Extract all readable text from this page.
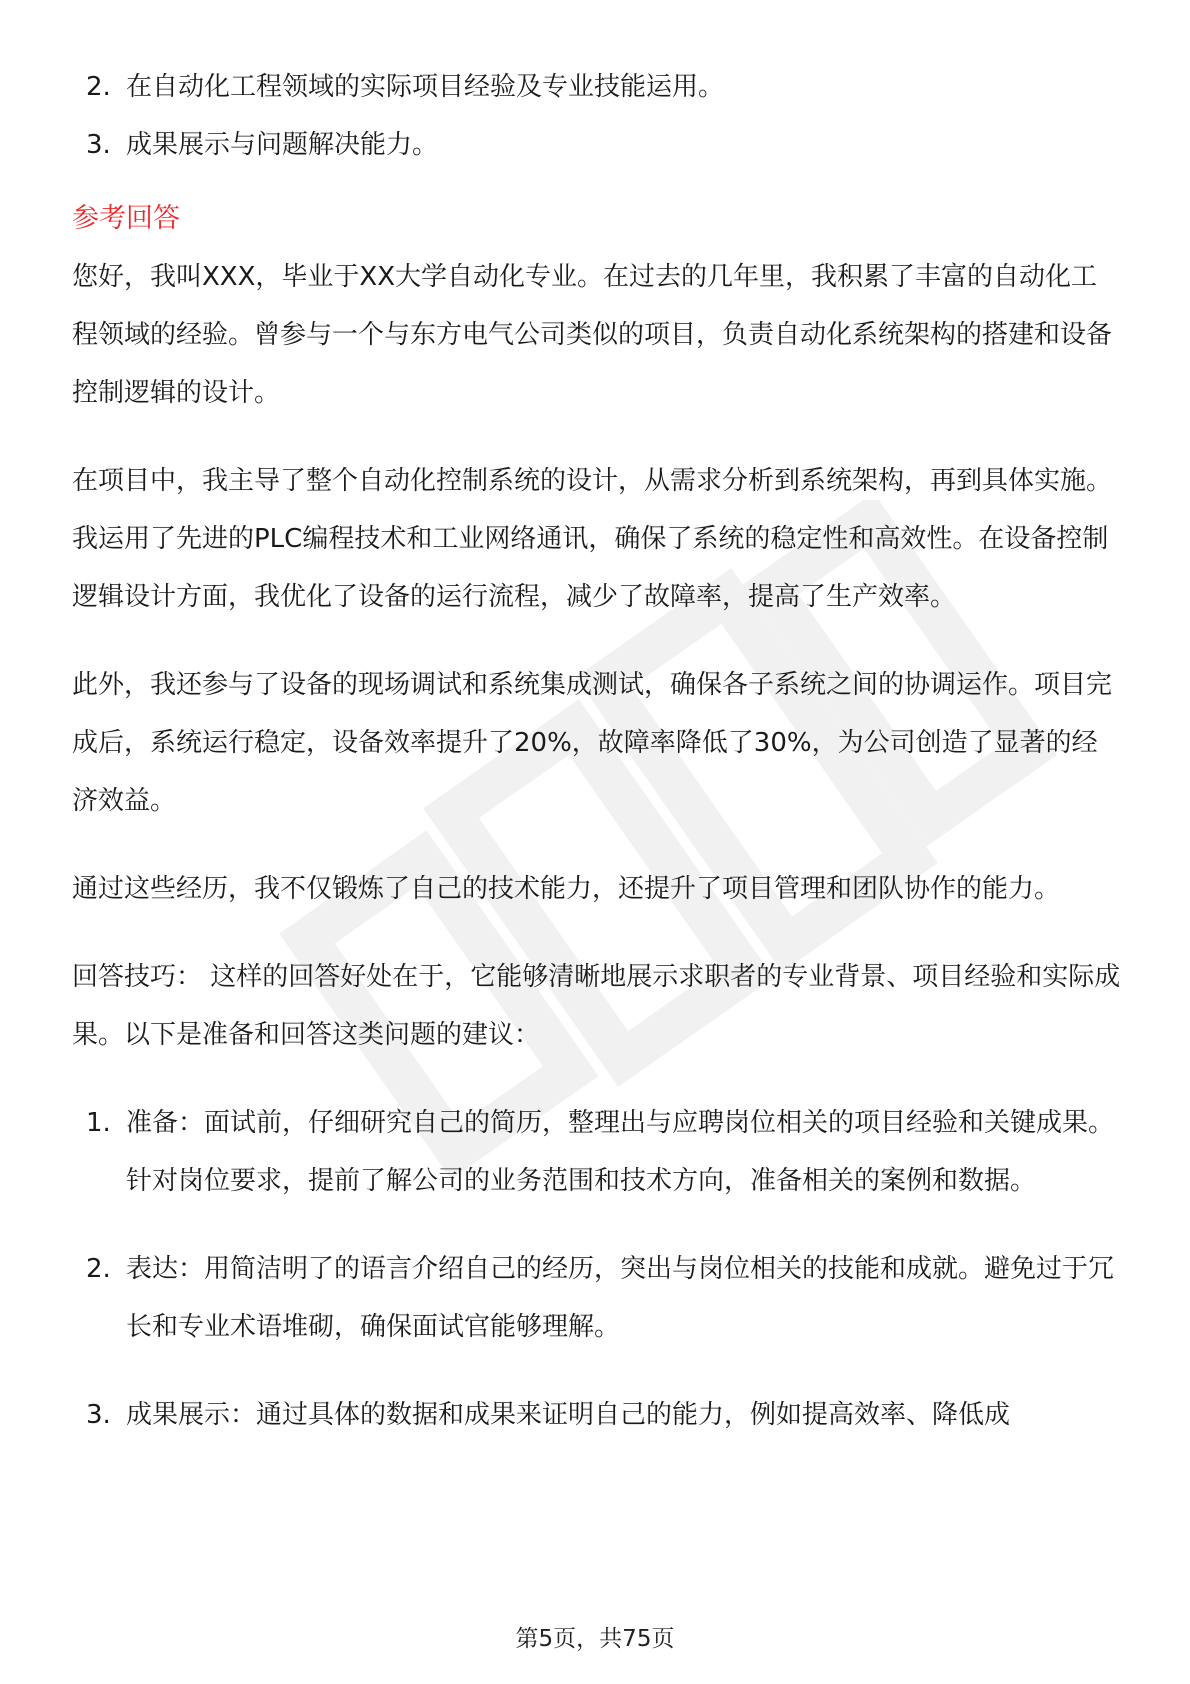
2. 在自动化工程领域的实际项目经验及专业技能运用。
3. 成果展示与问题解决能力。
参考回答

您好，我叫XXX，毕业于XX大学自动化专业。在过去的几年里，我积累了丰富的自动化工程领域的经验。曾参与一个与东方电气公司类似的项目，负责自动化系统架构的搭建和设备控制逻辑的设计。

在项目中，我主导了整个自动化控制系统的设计，从需求分析到系统架构，再到具体实施。我运用了先进的PLC编程技术和工业网络通讯，确保了系统的稳定性和高效性。在设备控制逻辑设计方面，我优化了设备的运行流程，减少了故障率，提高了生产效率。

此外，我还参与了设备的现场调试和系统集成测试，确保各子系统之间的协调运作。项目完成后，系统运行稳定，设备效率提升了20%，故障率降低了30%，为公司创造了显著的经济效益。

通过这些经历，我不仅锻炼了自己的技术能力，还提升了项目管理和团队协作的能力。

回答技巧： 这样的回答好处在于，它能够清晰地展示求职者的专业背景、项目经验和实际成果。以下是准备和回答这类问题的建议：

1. 准备：面试前，仔细研究自己的简历，整理出与应聘岗位相关的项目经验和关键成果。针对岗位要求，提前了解公司的业务范围和技术方向，准备相关的案例和数据。
2. 表达：用简洁明了的语言介绍自己的经历，突出与岗位相关的技能和成就。避免过于冗长和专业术语堆砌，确保面试官能够理解。
3. 成果展示：通过具体的数据和成果来证明自己的能力，例如提高效率、降低成
第5页，共75页
